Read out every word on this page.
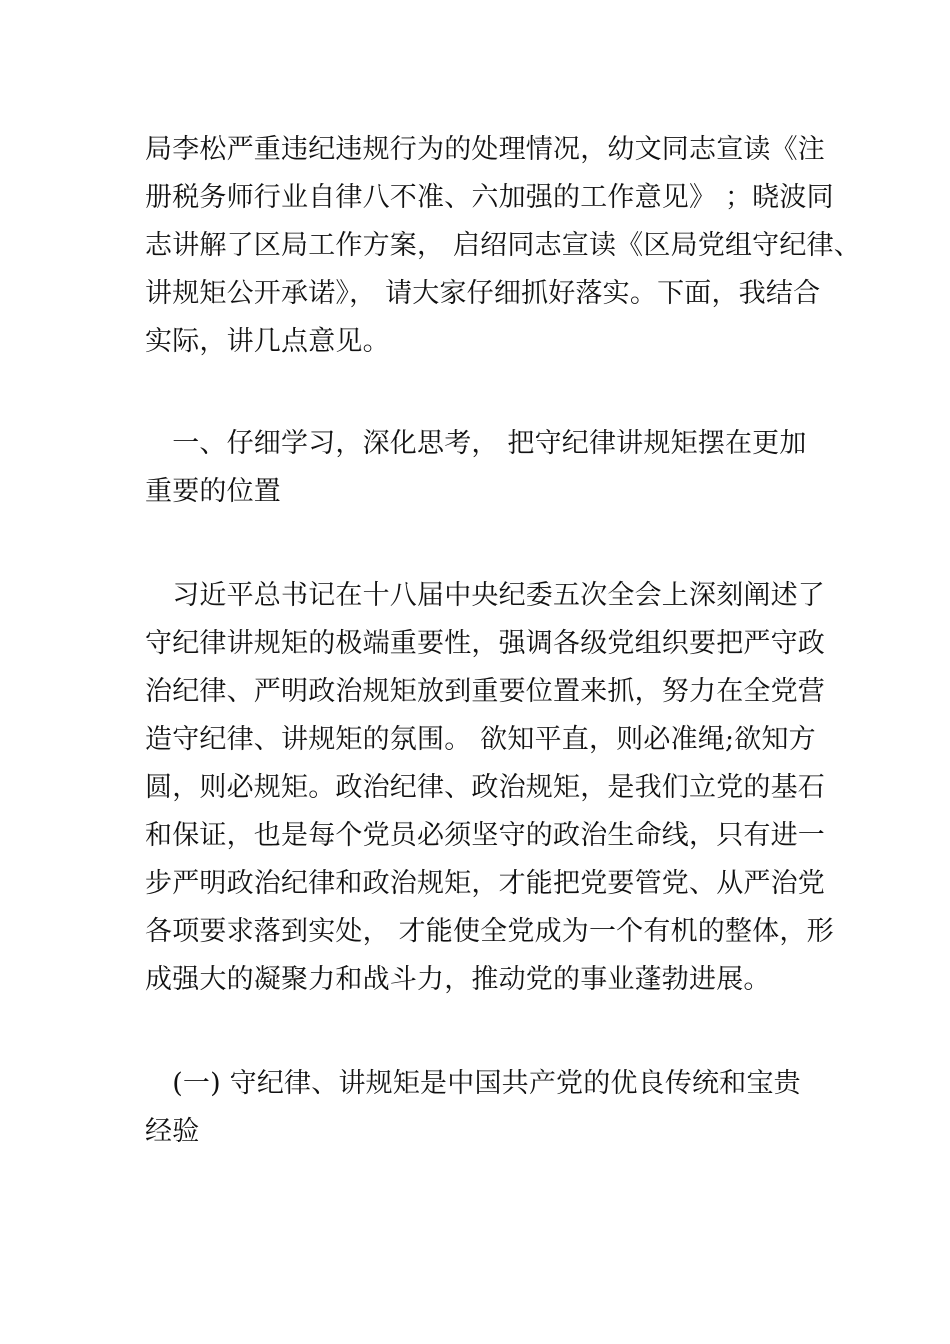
局李松严重违纪违规行为的处理情况，幼文同志宣读《注
册税务师行业自律八不准、六加强的工作意见》 ；晓波同
志讲解了区局工作方案， 启绍同志宣读《区局党组守纪律、
讲规矩公开承诺》， 请大家仔细抓好落实。下面，我结合
实际，讲几点意见。
　一、仔细学习，深化思考， 把守纪律讲规矩摆在更加
重要的位置
　习近平总书记在十八届中央纪委五次全会上深刻阐述了
守纪律讲规矩的极端重要性，强调各级党组织要把严守政
治纪律、严明政治规矩放到重要位置来抓，努力在全党营
造守纪律、讲规矩的氛围。 欲知平直，则必准绳;欲知方
圆，则必规矩。政治纪律、政治规矩，是我们立党的基石
和保证，也是每个党员必须坚守的政治生命线，只有进一
步严明政治纪律和政治规矩，才能把党要管党、从严治党
各项要求落到实处， 才能使全党成为一个有机的整体，形
成强大的凝聚力和战斗力，推动党的事业蓬勃进展。
　(一) 守纪律、讲规矩是中国共产党的优良传统和宝贵
经验
